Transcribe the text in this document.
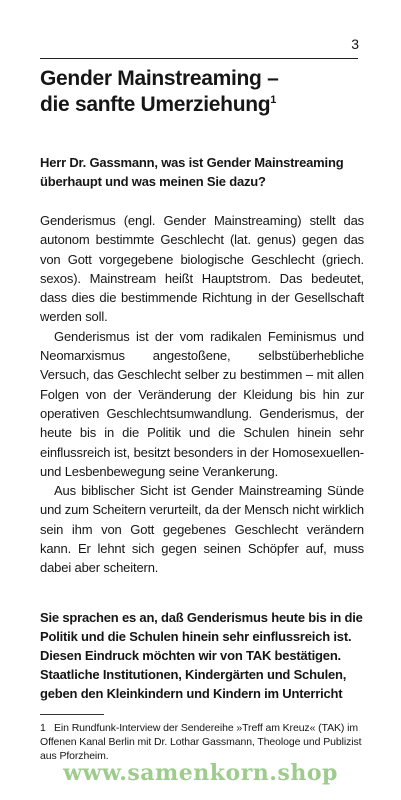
3
Gender Mainstreaming –
die sanfte Umerziehung$^1$
Herr Dr. Gassmann, was ist Gender Mainstreaming überhaupt und was meinen Sie dazu?

Genderismus (engl. Gender Mainstreaming) stellt das autonom bestimmte Geschlecht (lat. genus) gegen das von Gott vorgegebene biologische Geschlecht (griech. sexos). Mainstream heißt Hauptstrom. Das bedeutet, dass dies die bestimmende Richtung in der Gesellschaft werden soll.

Genderismus ist der vom radikalen Feminismus und Neomarxismus angestoßene, selbstüberhebliche Versuch, das Geschlecht selber zu bestimmen – mit allen Folgen von der Veränderung der Kleidung bis hin zur operativen Geschlechtsumwandlung. Genderismus, der heute bis in die Politik und die Schulen hinein sehr einflussreich ist, besitzt besonders in der Homosexuellen- und Lesbenbewegung seine Verankerung.

Aus biblischer Sicht ist Gender Mainstreaming Sünde und zum Scheitern verurteilt, da der Mensch nicht wirklich sein ihm von Gott gegebenes Geschlecht verändern kann. Er lehnt sich gegen seinen Schöpfer auf, muss dabei aber scheitern.

Sie sprachen es an, daß Genderismus heute bis in die Politik und die Schulen hinein sehr einflussreich ist. Diesen Eindruck möchten wir von TAK bestätigen. Staatliche Institutionen, Kindergärten und Schulen, geben den Kleinkindern und Kindern im Unterricht
1 Ein Rundfunk-Interview der Sendereihe »Treff am Kreuz« (TAK) im Offenen Kanal Berlin mit Dr. Lothar Gassmann, Theologe und Publizist aus Pforzheim.
www.samenkorn.shop
